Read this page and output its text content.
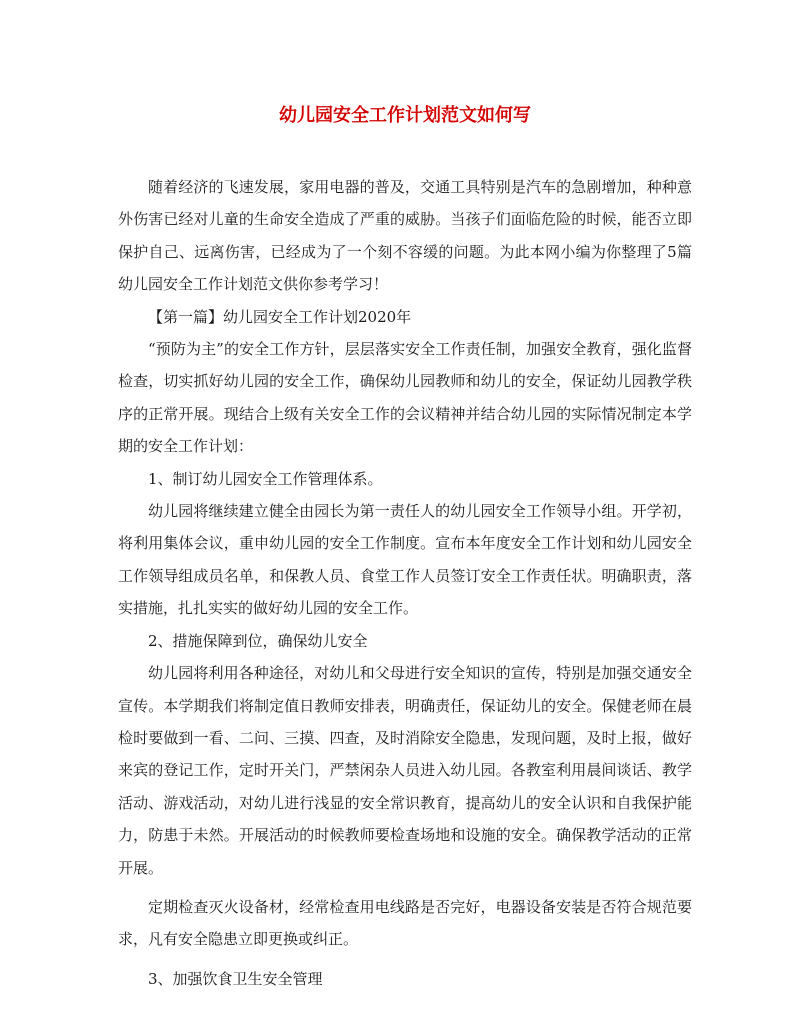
幼儿园安全工作计划范文如何写

随着经济的飞速发展，家用电器的普及，交通工具特别是汽车的急剧增加，种种意外伤害已经对儿童的生命安全造成了严重的威胁。当孩子们面临危险的时候，能否立即保护自己、远离伤害，已经成为了一个刻不容缓的问题。为此本网小编为你整理了5篇幼儿园安全工作计划范文供你参考学习！

【第一篇】幼儿园安全工作计划2020年

“预防为主”的安全工作方针，层层落实安全工作责任制，加强安全教育，强化监督检查，切实抓好幼儿园的安全工作，确保幼儿园教师和幼儿的安全，保证幼儿园教学秩序的正常开展。现结合上级有关安全工作的会议精神并结合幼儿园的实际情况制定本学期的安全工作计划：

1、制订幼儿园安全工作管理体系。

幼儿园将继续建立健全由园长为第一责任人的幼儿园安全工作领导小组。开学初，将利用集体会议，重申幼儿园的安全工作制度。宣布本年度安全工作计划和幼儿园安全工作领导组成员名单，和保教人员、食堂工作人员签订安全工作责任状。明确职责，落实措施，扎扎实实的做好幼儿园的安全工作。

2、措施保障到位，确保幼儿安全

幼儿园将利用各种途径，对幼儿和父母进行安全知识的宣传，特别是加强交通安全宣传。本学期我们将制定值日教师安排表，明确责任，保证幼儿的安全。保健老师在晨检时要做到一看、二问、三摸、四查，及时消除安全隐患，发现问题，及时上报，做好来宾的登记工作，定时开关门，严禁闲杂人员进入幼儿园。各教室利用晨间谈话、教学活动、游戏活动，对幼儿进行浅显的安全常识教育，提高幼儿的安全认识和自我保护能力，防患于未然。开展活动的时候教师要检查场地和设施的安全。确保教学活动的正常开展。

定期检查灭火设备材，经常检查用电线路是否完好，电器设备安装是否符合规范要求，凡有安全隐患立即更换或纠正。

3、加强饮食卫生安全管理
